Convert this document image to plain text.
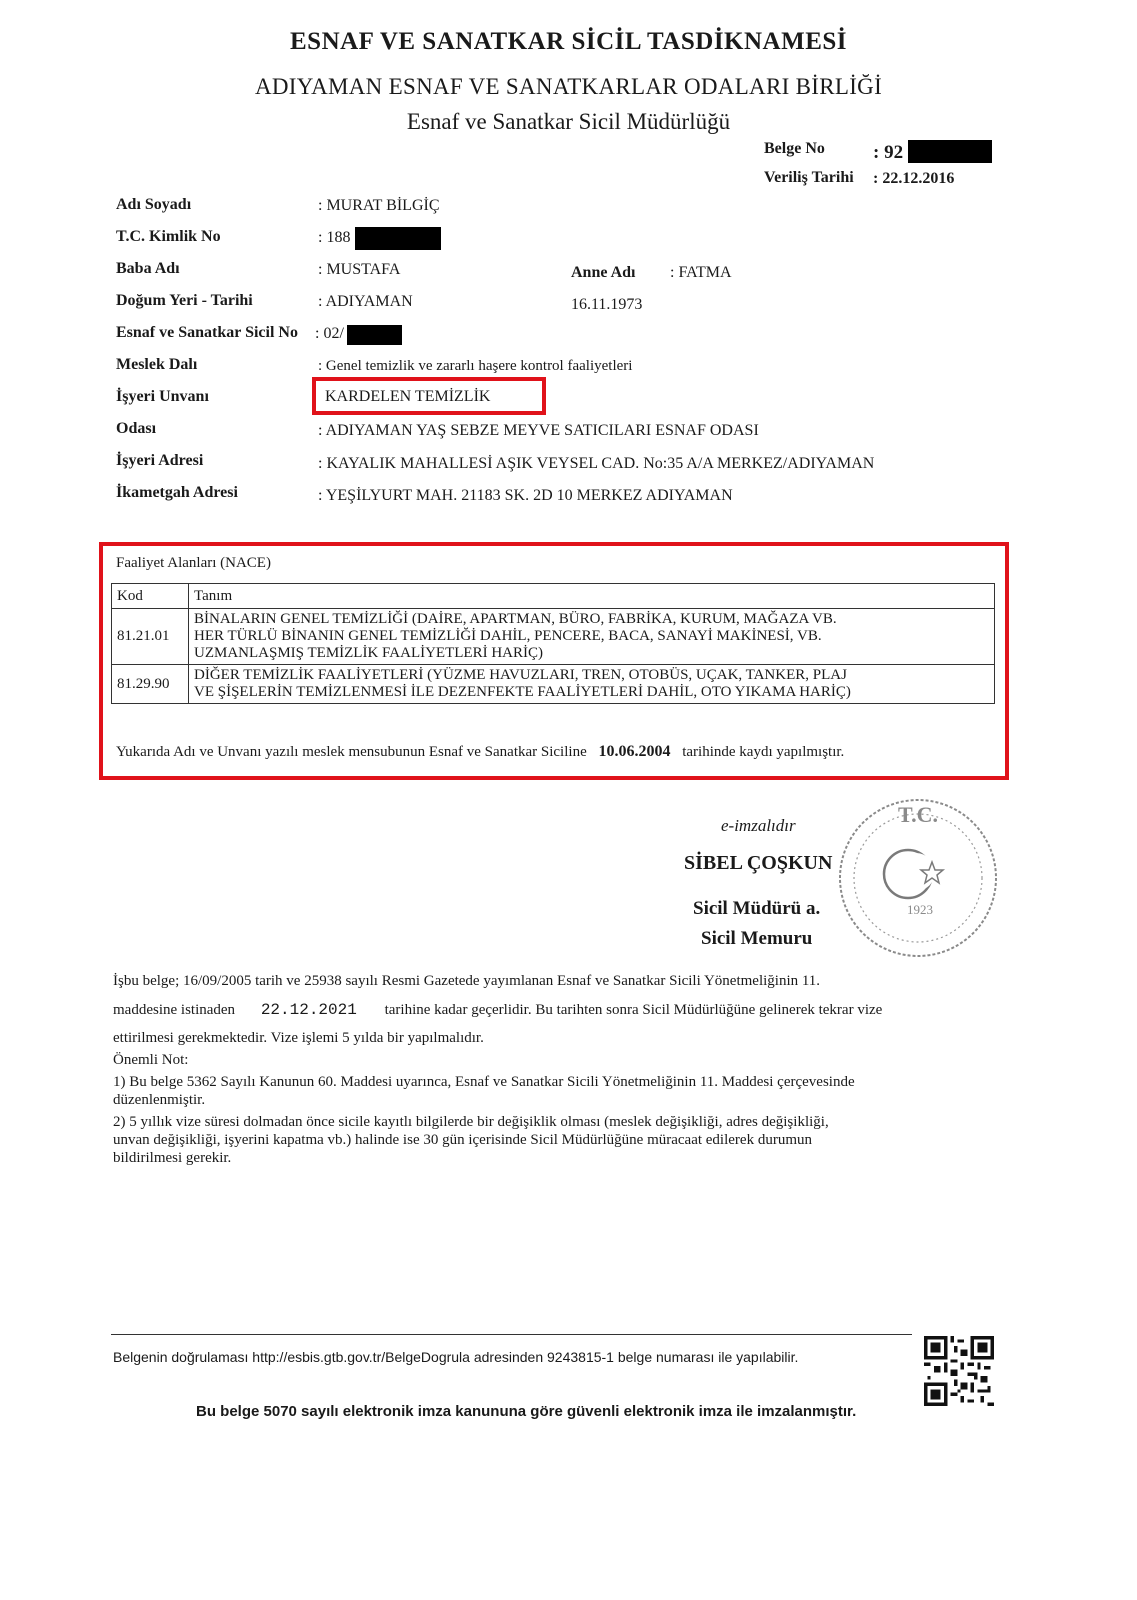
ESNAF VE SANATKAR SİCİL TASDİKNAMESİ
ADIYAMAN ESNAF VE SANATKARLAR ODALARI BİRLİĞİ
Esnaf ve Sanatkar Sicil Müdürlüğü
Belge No	: 92
Veriliş Tarihi : 22.12.2016
Adı Soyadı	: MURAT BİLGİÇ
T.C. Kimlik No	: 188
Baba Adı	: MUSTAFA	Anne Adı : FATMA
Doğum Yeri - Tarihi	: ADIYAMAN	16.11.1973
Esnaf ve Sanatkar Sicil No : 02/
Meslek Dalı	: Genel temizlik ve zararlı haşere kontrol faaliyetleri
İşyeri Unvanı	KARDELEN TEMİZLİK
Odası	: ADIYAMAN YAŞ SEBZE MEYVE SATICILARI ESNAF ODASI
İşyeri Adresi	: KAYALIK MAHALLESİ AŞIK VEYSEL CAD. No:35 A/A MERKEZ/ADIYAMAN
İkametgah Adresi	: YEŞİLYURT MAH. 21183 SK. 2D 10 MERKEZ ADIYAMAN
Faaliyet Alanları (NACE)
Kod	Tanım
81.21.01	BİNALARIN GENEL TEMİZLİĞİ (DAİRE, APARTMAN, BÜRO, FABRİKA, KURUM, MAĞAZA VB.
HER TÜRLÜ BİNANIN GENEL TEMİZLİĞİ DAHİL, PENCERE, BACA, SANAYİ MAKİNESİ, VB.
UZMANLAŞMIŞ TEMİZLİK FAALİYETLERİ HARİÇ)

81.29.90	DİĞER TEMİZLİK FAALİYETLERİ (YÜZME HAVUZLARI, TREN, OTOBÜS, UÇAK, TANKER, PLAJ
VE ŞİŞELERİN TEMİZLENMESİ İLE DEZENFEKTE FAALİYETLERİ DAHİL, OTO YIKAMA HARİÇ)
Yukarıda Adı ve Unvanı yazılı meslek mensubunun Esnaf ve Sanatkar Siciline 10.06.2004 tarihinde kaydı yapılmıştır.
T.C.
1923
e-imzalıdır
SİBEL ÇOŞKUN
Sicil Müdürü a.
Sicil Memuru
İşbu belge; 16/09/2005 tarih ve 25938 sayılı Resmi Gazetede yayımlanan Esnaf ve Sanatkar Sicili Yönetmeliğinin 11.
maddesine istinaden 22.12.2021 tarihine kadar geçerlidir. Bu tarihten sonra Sicil Müdürlüğüne gelinerek tekrar vize
ettirilmesi gerekmektedir. Vize işlemi 5 yılda bir yapılmalıdır.
Önemli Not:
1) Bu belge 5362 Sayılı Kanunun 60. Maddesi uyarınca, Esnaf ve Sanatkar Sicili Yönetmeliğinin 11. Maddesi çerçevesinde
düzenlenmiştir.
2) 5 yıllık vize süresi dolmadan önce sicile kayıtlı bilgilerde bir değişiklik olması (meslek değişikliği, adres değişikliği,
unvan değişikliği, işyerini kapatma vb.) halinde ise 30 gün içerisinde Sicil Müdürlüğüne müracaat edilerek durumun
bildirilmesi gerekir.
Belgenin doğrulaması http://esbis.gtb.gov.tr/BelgeDogrula adresinden 9243815-1 belge numarası ile yapılabilir.
Bu belge 5070 sayılı elektronik imza kanununa göre güvenli elektronik imza ile imzalanmıştır.
